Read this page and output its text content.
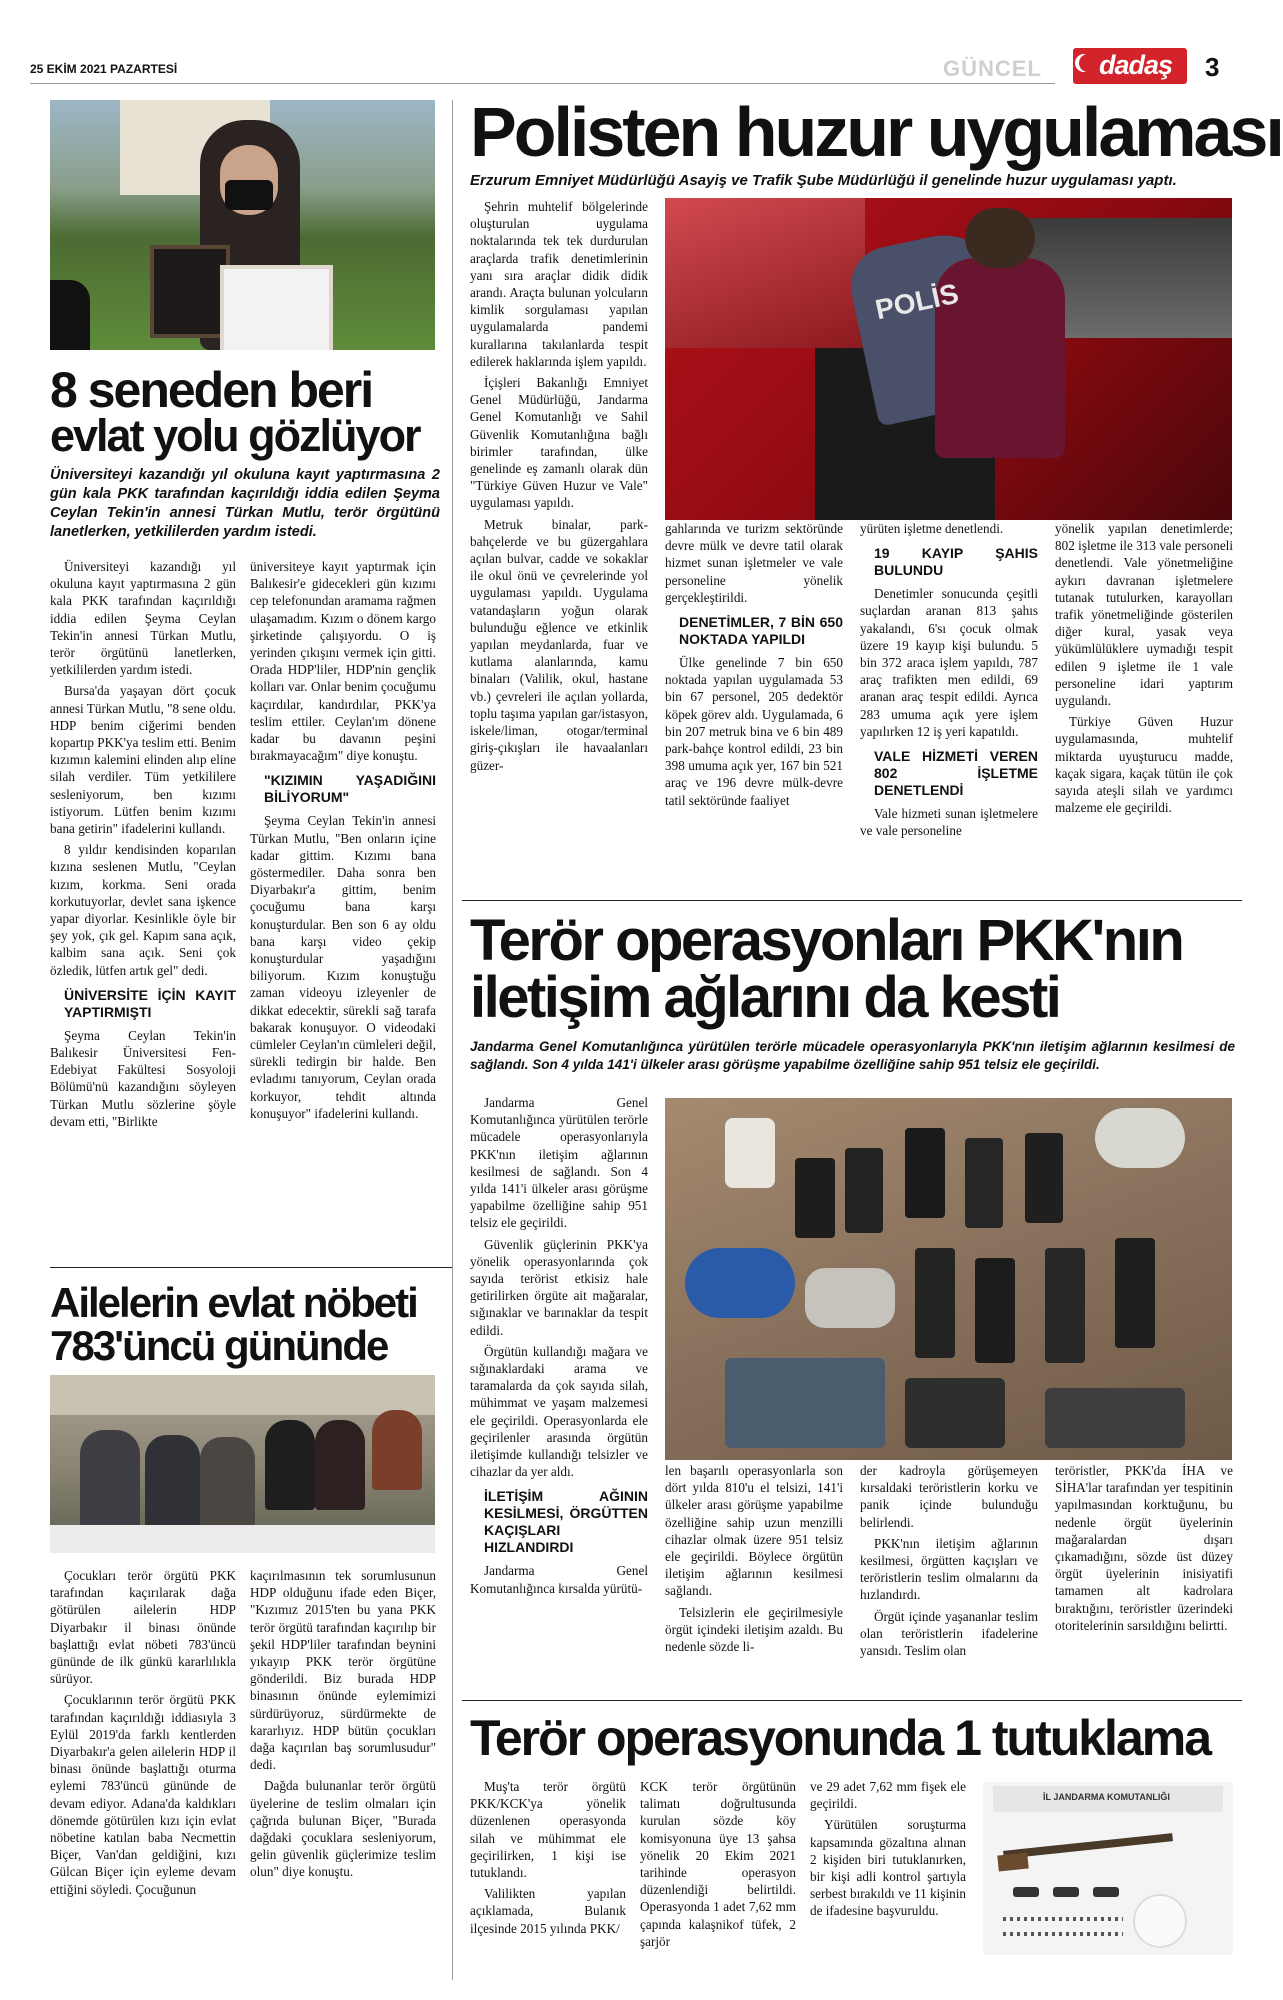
25 EKİM 2021 PAZARTESİ	GÜNCEL dadaş 3
8 seneden beri
evlat yolu gözlüyor
Üniversiteyi kazandığı yıl okuluna kayıt yaptırmasına 2 gün kala PKK tarafından kaçırıldığı iddia edilen Şeyma Ceylan Tekin'in annesi Türkan Mutlu, terör örgütünü lanetlerken, yetkililerden yardım istedi.

Üniversiteyi kazandığı yıl okuluna kayıt yaptırmasına 2 gün kala PKK tarafından kaçırıldığı iddia edilen Şeyma Ceylan Tekin'in annesi Türkan Mutlu, terör örgütünü lanetlerken, yetkililerden yardım istedi.

Bursa'da yaşayan dört çocuk annesi Türkan Mutlu, "8 sene oldu. HDP benim ciğerimi benden kopartıp PKK'ya teslim etti. Benim kızımın kalemini elinden alıp eline silah verdiler. Tüm yetkililere sesleniyorum, ben kızımı istiyorum. Lütfen benim kızımı bana getirin" ifadelerini kullandı.

8 yıldır kendisinden koparılan kızına seslenen Mutlu, "Ceylan kızım, korkma. Seni orada korkutuyorlar, devlet sana işkence yapar diyorlar. Kesinlikle öyle bir şey yok, çık gel. Kapım sana açık, kalbim sana açık. Seni çok özledik, lütfen artık gel" dedi.

ÜNİVERSİTE İÇİN KAYIT YAPTIRMIŞTI

Şeyma Ceylan Tekin'in Balıkesir Üniversitesi Fen-Edebiyat Fakültesi Sosyoloji Bölümü'nü kazandığını söyleyen Türkan Mutlu sözlerine şöyle devam etti, "Birlikte

üniversiteye kayıt yaptırmak için Balıkesir'e gidecekleri gün kızımı cep telefonundan aramama rağmen ulaşamadım. Kızım o dönem kargo şirketinde çalışıyordu. O iş yerinden çıkışını vermek için gitti. Orada HDP'liler, HDP'nin gençlik kolları var. Onlar benim çocuğumu kaçırdılar, kandırdılar, PKK'ya teslim ettiler. Ceylan'ım dönene kadar bu davanın peşini bırakmayacağım" diye konuştu.

"KIZIMIN YAŞADIĞINI BİLİYORUM"

Şeyma Ceylan Tekin'in annesi Türkan Mutlu, "Ben onların içine kadar gittim. Kızımı bana göstermediler. Daha sonra ben Diyarbakır'a gittim, benim çocuğumu bana karşı konuşturdular. Ben son 6 ay oldu bana karşı video çekip konuşturdular yaşadığını biliyorum. Kızım konuştuğu zaman videoyu izleyenler de dikkat edecektir, sürekli sağ tarafa bakarak konuşuyor. O videodaki cümleler Ceylan'ın cümleleri değil, sürekli tedirgin bir halde. Ben evladımı tanıyorum, Ceylan orada korkuyor, tehdit altında konuşuyor" ifadelerini kullandı.

Ailelerin evlat nöbeti
783'üncü gününde

Çocukları terör örgütü PKK tarafından kaçırılarak dağa götürülen ailelerin HDP Diyarbakır il binası önünde başlattığı evlat nöbeti 783'üncü gününde de ilk günkü kararlılıkla sürüyor.

Çocuklarının terör örgütü PKK tarafından kaçırıldığı iddiasıyla 3 Eylül 2019'da farklı kentlerden Diyarbakır'a gelen ailelerin HDP il binası önünde başlattığı oturma eylemi 783'üncü gününde de devam ediyor. Adana'da kaldıkları dönemde götürülen kızı için evlat nöbetine katılan baba Necmettin Biçer, Van'dan geldiğini, kızı Gülcan Biçer için eyleme devam ettiğini söyledi. Çocuğunun

kaçırılmasının tek sorumlusunun HDP olduğunu ifade eden Biçer, "Kızımız 2015'ten bu yana PKK terör örgütü tarafından kaçırılıp bir şekil HDP'liler tarafından beynini yıkayıp PKK terör örgütüne gönderildi. Biz burada HDP binasının önünde eylemimizi sürdürüyoruz, sürdürmekte de kararlıyız. HDP bütün çocukları dağa kaçırılan baş sorumlusudur" dedi.

Dağda bulunanlar terör örgütü üyelerine de teslim olmaları için çağrıda bulunan Biçer, "Burada dağdaki çocuklara sesleniyorum, gelin güvenlik güçlerimize teslim olun" diye konuştu.

Polisten huzur uygulaması
Erzurum Emniyet Müdürlüğü Asayiş ve Trafik Şube Müdürlüğü il genelinde huzur uygulaması yaptı.

Şehrin muhtelif bölgelerinde oluşturulan uygulama noktalarında tek tek durdurulan araçlarda trafik denetimlerinin yanı sıra araçlar didik didik arandı. Araçta bulunan yolcuların kimlik sorgulaması yapılan uygulamalarda pandemi kurallarına takılanlarda tespit edilerek haklarında işlem yapıldı.

İçişleri Bakanlığı Emniyet Genel Müdürlüğü, Jandarma Genel Komutanlığı ve Sahil Güvenlik Komutanlığına bağlı birimler tarafından, ülke genelinde eş zamanlı olarak dün "Türkiye Güven Huzur ve Vale" uygulaması yapıldı.

Metruk binalar, park-bahçelerde ve bu güzergahlara açılan bulvar, cadde ve sokaklar ile okul önü ve çevrelerinde yol uygulaması yapıldı. Uygulama vatandaşların yoğun olarak bulunduğu eğlence ve etkinlik yapılan meydanlarda, fuar ve kutlama alanlarında, kamu binaları (Valilik, okul, hastane vb.) çevreleri ile açılan yollarda, toplu taşıma yapılan gar/istasyon, iskele/liman, otogar/terminal giriş-çıkışları ile havaalanları güzer-

POLİS

gahlarında ve turizm sektöründe devre mülk ve devre tatil olarak hizmet sunan işletmeler ve vale personeline yönelik gerçekleştirildi.

DENETİMLER, 7 BİN 650 NOKTADA YAPILDI

Ülke genelinde 7 bin 650 noktada yapılan uygulamada 53 bin 67 personel, 205 dedektör köpek görev aldı. Uygulamada, 6 bin 207 metruk bina ve 6 bin 489 park-bahçe kontrol edildi, 23 bin 398 umuma açık yer, 167 bin 521 araç ve 196 devre mülk-devre tatil sektöründe faaliyet

yürüten işletme denetlendi.

19 KAYIP ŞAHIS BULUNDU

Denetimler sonucunda çeşitli suçlardan aranan 813 şahıs yakalandı, 6'sı çocuk olmak üzere 19 kayıp kişi bulundu. 5 bin 372 araca işlem yapıldı, 787 araç trafikten men edildi, 69 aranan araç tespit edildi. Ayrıca 283 umuma açık yere işlem yapılırken 12 iş yeri kapatıldı.

VALE HİZMETİ VEREN 802 İŞLETME DENETLENDİ

Vale hizmeti sunan işletmelere ve vale personeline

yönelik yapılan denetimlerde; 802 işletme ile 313 vale personeli denetlendi. Vale yönetmeliğine aykırı davranan işletmelere tutanak tutulurken, karayolları trafik yönetmeliğinde gösterilen diğer kural, yasak veya yükümlülüklere uymadığı tespit edilen 9 işletme ile 1 vale personeline idari yaptırım uygulandı.

Türkiye Güven Huzur uygulamasında, muhtelif miktarda uyuşturucu madde, kaçak sigara, kaçak tütün ile çok sayıda ateşli silah ve yardımcı malzeme ele geçirildi.

Terör operasyonları PKK'nın
iletişim ağlarını da kesti
Jandarma Genel Komutanlığınca yürütülen terörle mücadele operasyonlarıyla PKK'nın iletişim ağlarının kesilmesi de sağlandı. Son 4 yılda 141'i ülkeler arası görüşme yapabilme özelliğine sahip 951 telsiz ele geçirildi.

Jandarma Genel Komutanlığınca yürütülen terörle mücadele operasyonlarıyla PKK'nın iletişim ağlarının kesilmesi de sağlandı. Son 4 yılda 141'i ülkeler arası görüşme yapabilme özelliğine sahip 951 telsiz ele geçirildi.

Güvenlik güçlerinin PKK'ya yönelik operasyonlarında çok sayıda terörist etkisiz hale getirilirken örgüte ait mağaralar, sığınaklar ve barınaklar da tespit edildi.

Örgütün kullandığı mağara ve sığınaklardaki arama ve taramalarda da çok sayıda silah, mühimmat ve yaşam malzemesi ele geçirildi. Operasyonlarda ele geçirilenler arasında örgütün iletişimde kullandığı telsizler ve cihazlar da yer aldı.

İLETİŞİM AĞININ KESİLMESİ, ÖRGÜTTEN KAÇIŞLARI HIZLANDIRDI

Jandarma Genel Komutanlığınca kırsalda yürütü-

len başarılı operasyonlarla son dört yılda 810'u el telsizi, 141'i ülkeler arası görüşme yapabilme özelliğine sahip uzun menzilli cihazlar olmak üzere 951 telsiz ele geçirildi. Böylece örgütün iletişim ağlarının kesilmesi sağlandı.

Telsizlerin ele geçirilmesiyle örgüt içindeki iletişim azaldı. Bu nedenle sözde li-

der kadroyla görüşemeyen kırsaldaki teröristlerin korku ve panik içinde bulunduğu belirlendi.

PKK'nın iletişim ağlarının kesilmesi, örgütten kaçışları ve teröristlerin teslim olmalarını da hızlandırdı.

Örgüt içinde yaşananlar teslim olan teröristlerin ifadelerine yansıdı. Teslim olan

teröristler, PKK'da İHA ve SİHA'lar tarafından yer tespitinin yapılmasından korktuğunu, bu nedenle örgüt üyelerinin mağaralardan dışarı çıkamadığını, sözde üst düzey örgüt üyelerinin inisiyatifi tamamen alt kadrolara bıraktığını, teröristler üzerindeki otoritelerinin sarsıldığını belirtti.

Terör operasyonunda 1 tutuklama

Muş'ta terör örgütü PKK/KCK'ya yönelik düzenlenen operasyonda silah ve mühimmat ele geçirilirken, 1 kişi ise tutuklandı.

Valilikten yapılan açıklamada, Bulanık ilçesinde 2015 yılında PKK/

KCK terör örgütünün talimatı doğrultusunda kurulan sözde köy komisyonuna üye 13 şahsa yönelik 20 Ekim 2021 tarihinde operasyon düzenlendiği belirtildi. Operasyonda 1 adet 7,62 mm çapında kalaşnikof tüfek, 2 şarjör

ve 29 adet 7,62 mm fişek ele geçirildi.

Yürütülen soruşturma kapsamında gözaltına alınan 2 kişiden biri tutuklanırken, bir kişi adli kontrol şartıyla serbest bırakıldı ve 11 kişinin de ifadesine başvuruldu.

İL JANDARMA KOMUTANLIĞI
